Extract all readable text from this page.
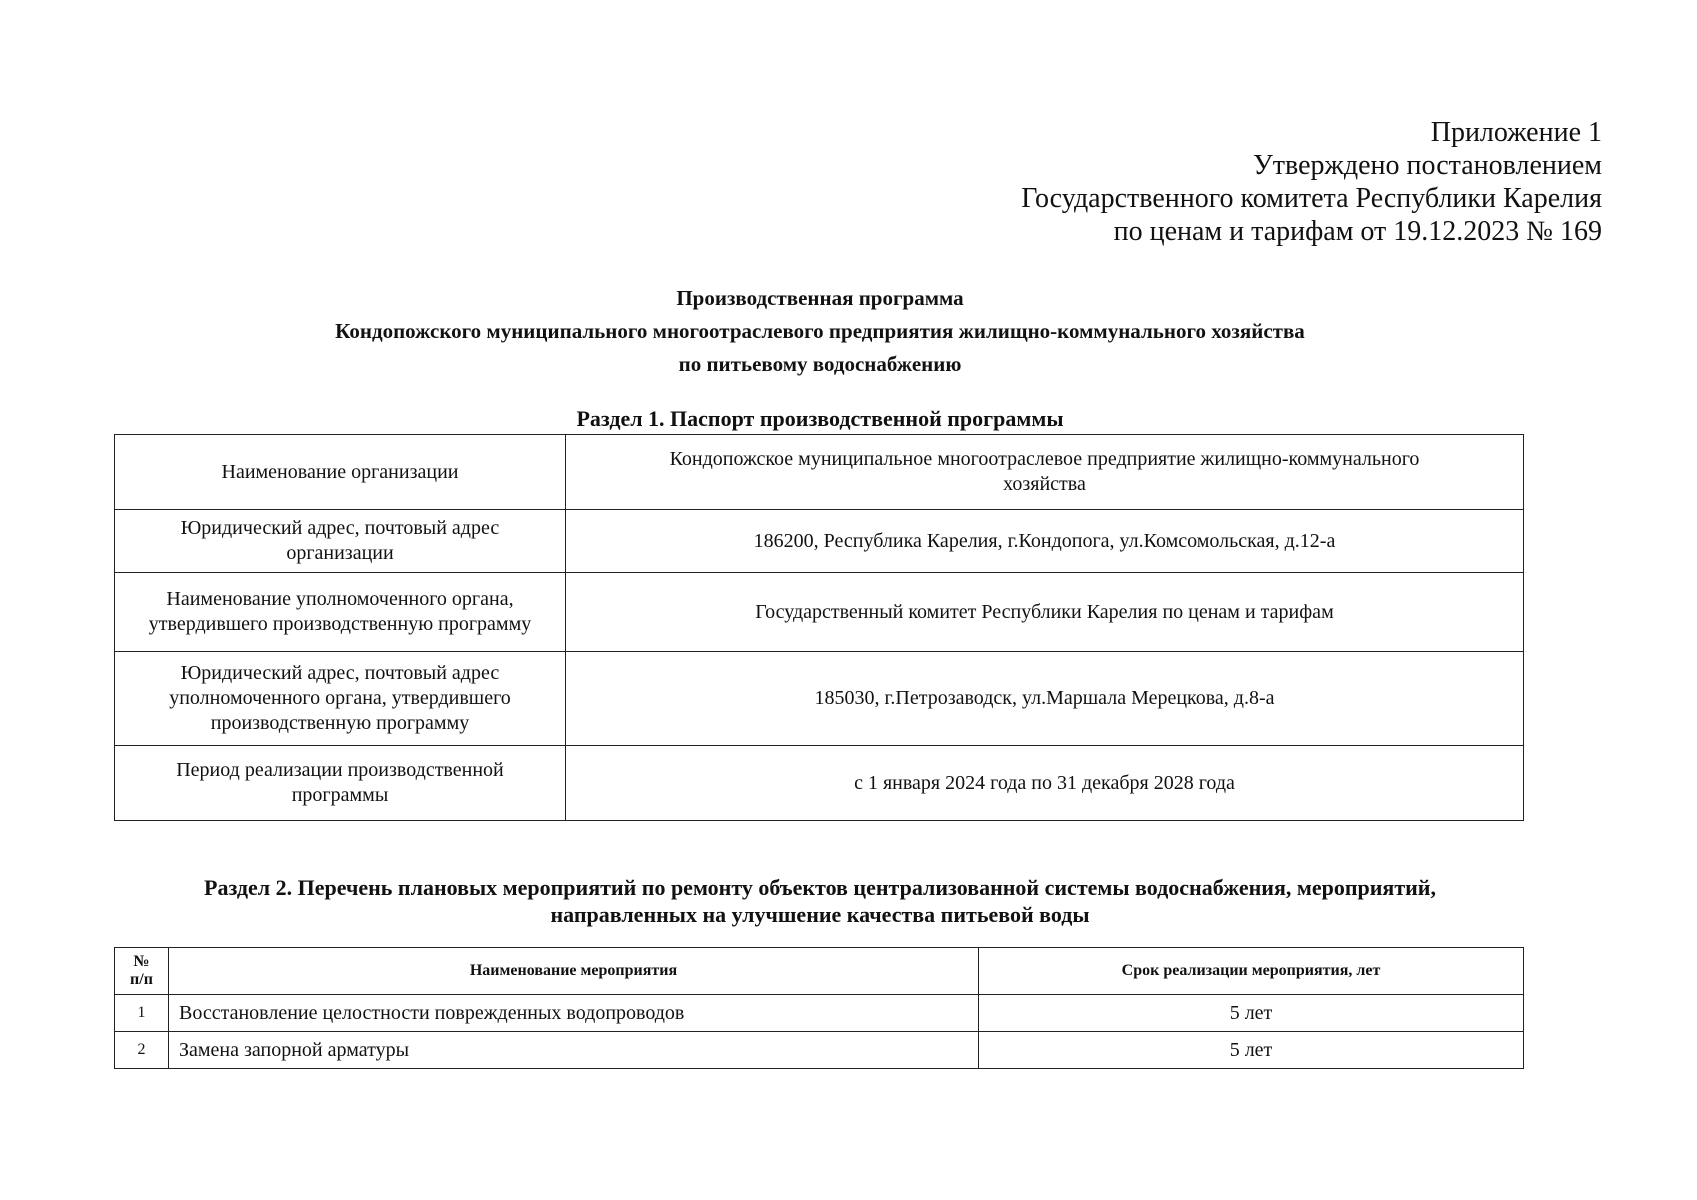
Приложение 1
Утверждено постановлением
Государственного комитета Республики Карелия
по ценам и тарифам от 19.12.2023 № 169
Производственная программа
Кондопожского муниципального многоотраслевого предприятия жилищно-коммунального хозяйства
по питьевому водоснабжению
Раздел 1. Паспорт производственной программы
Наименование организации	Кондопожское муниципальное многоотраслевое предприятие жилищно-коммунального
хозяйства
Юридический адрес, почтовый адрес
организации	186200, Республика Карелия, г.Кондопога, ул.Комсомольская, д.12-а
Наименование уполномоченного органа,
утвердившего производственную программу	Государственный комитет Республики Карелия по ценам и тарифам
Юридический адрес, почтовый адрес
уполномоченного органа, утвердившего
производственную программу	185030, г.Петрозаводск, ул.Маршала Мерецкова, д.8-а
Период реализации производственной
программы	с 1 января 2024 года по 31 декабря 2028 года
Раздел 2. Перечень плановых мероприятий по ремонту объектов централизованной системы водоснабжения, мероприятий,
направленных на улучшение качества питьевой воды
№
п/п	Наименование мероприятия	Срок реализации мероприятия, лет
1	Восстановление целостности поврежденных водопроводов	5 лет
2	Замена запорной арматуры	5 лет
